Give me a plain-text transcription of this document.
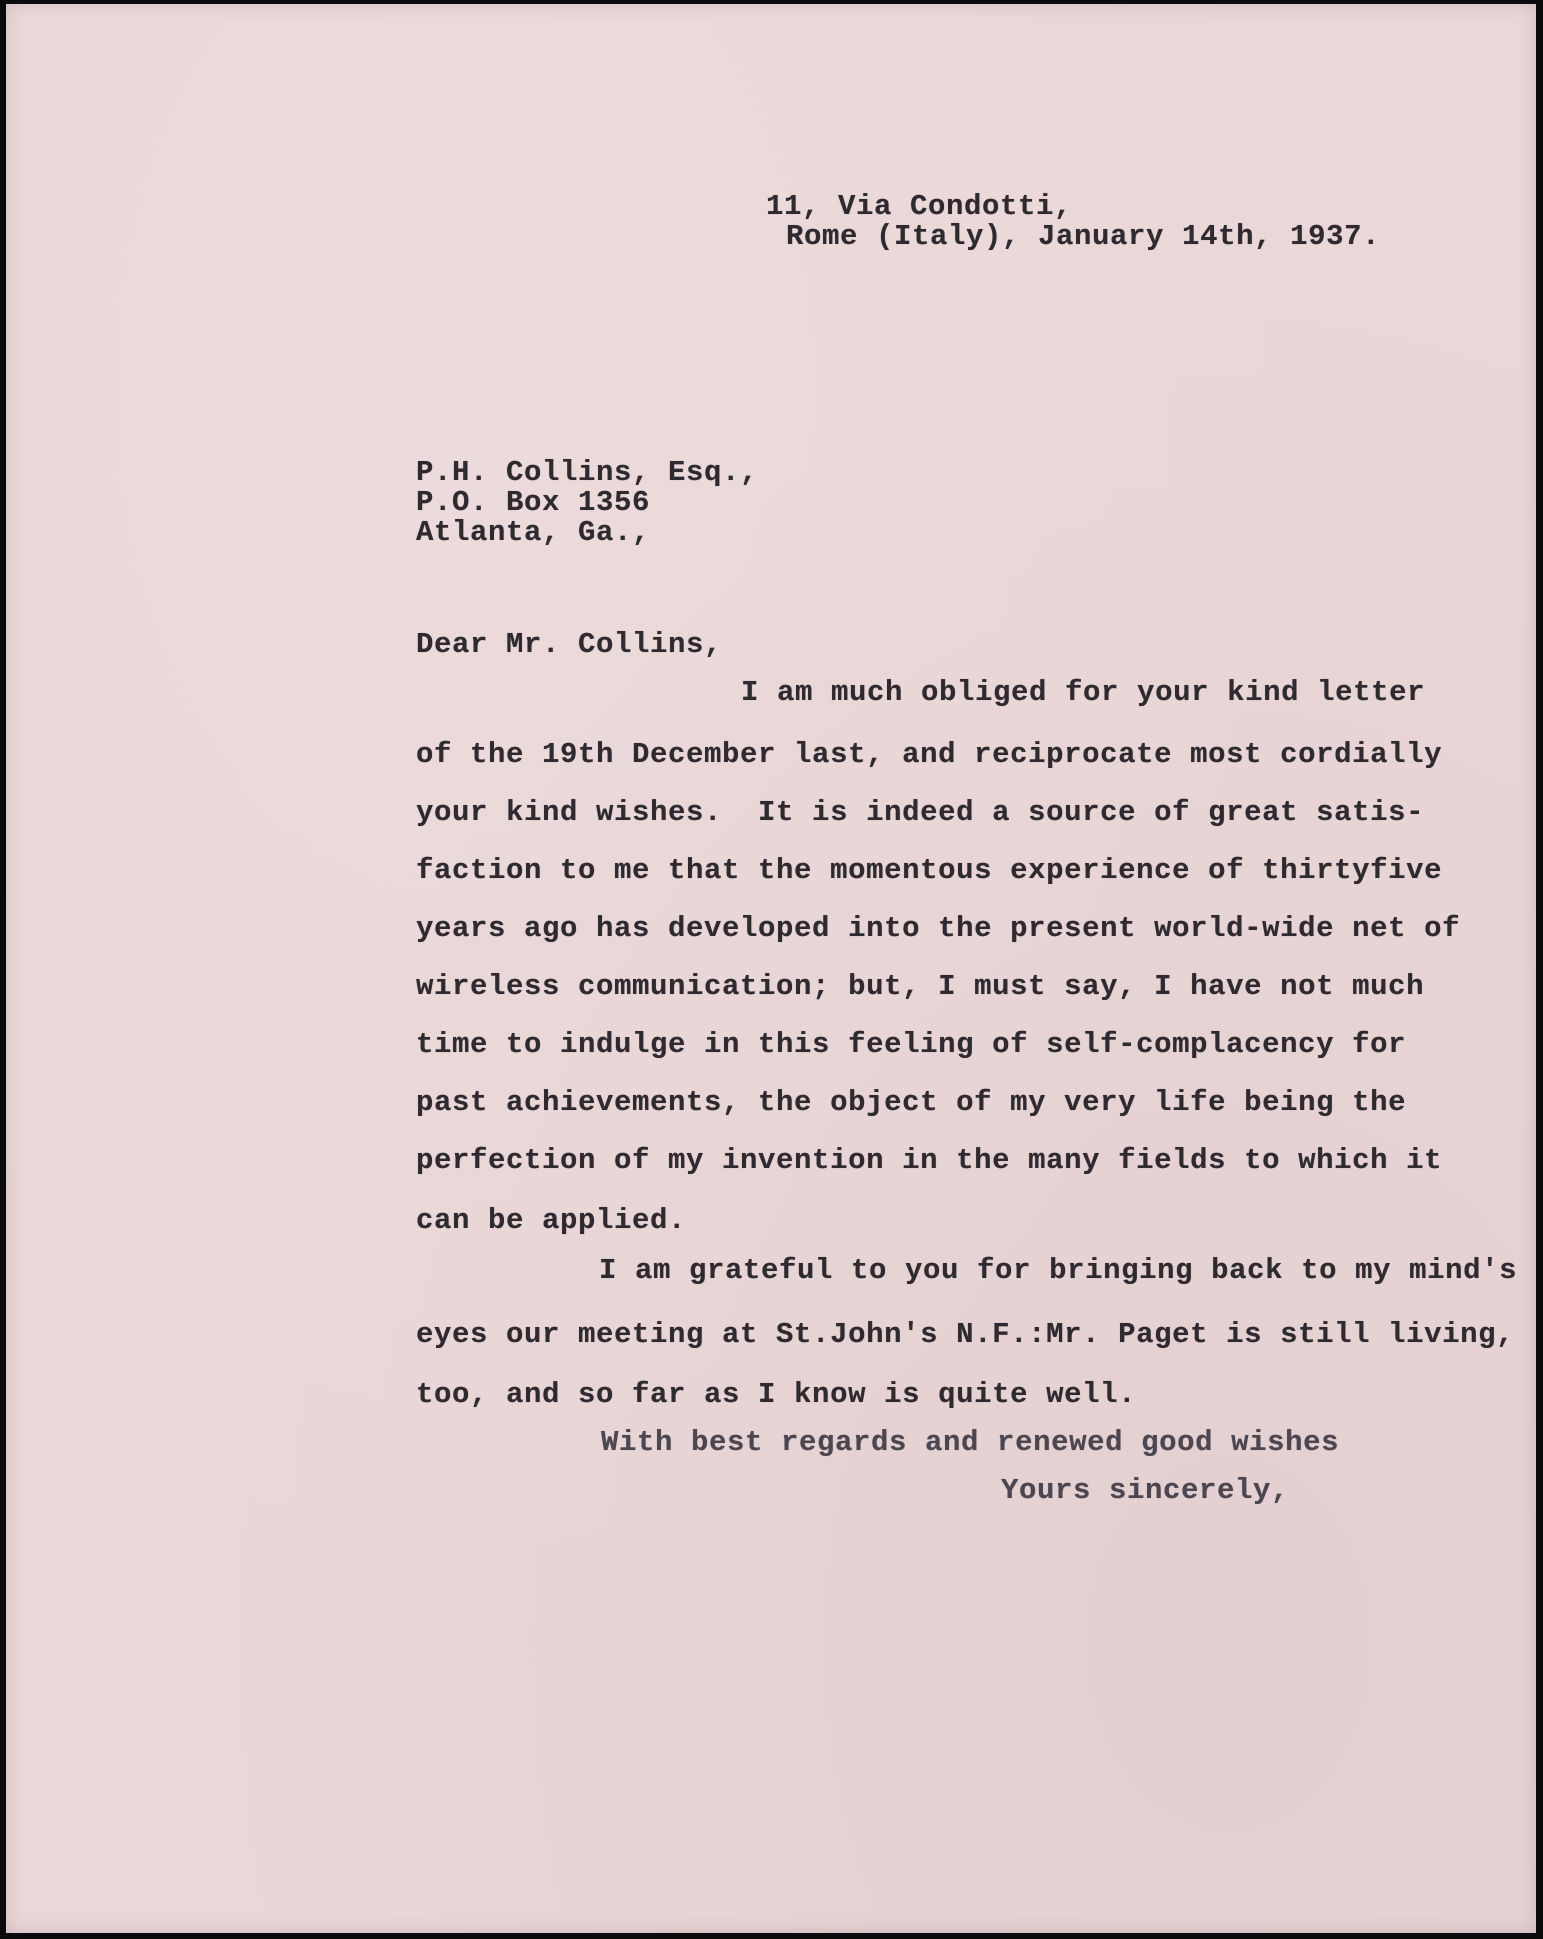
11, Via Condotti,
Rome (Italy), January 14th, 1937.
P.H. Collins, Esq.,
P.O. Box 1356
Atlanta, Ga.,
Dear Mr. Collins,
I am much obliged for your kind letter
of the 19th December last, and reciprocate most cordially
your kind wishes.  It is indeed a source of great satis-
faction to me that the momentous experience of thirtyfive
years ago has developed into the present world-wide net of
wireless communication; but, I must say, I have not much
time to indulge in this feeling of self-complacency for
past achievements, the object of my very life being the
perfection of my invention in the many fields to which it
can be applied.
I am grateful to you for bringing back to my mind's
eyes our meeting at St.John's N.F.:Mr. Paget is still living,
too, and so far as I know is quite well.
With best regards and renewed good wishes
Yours sincerely,
